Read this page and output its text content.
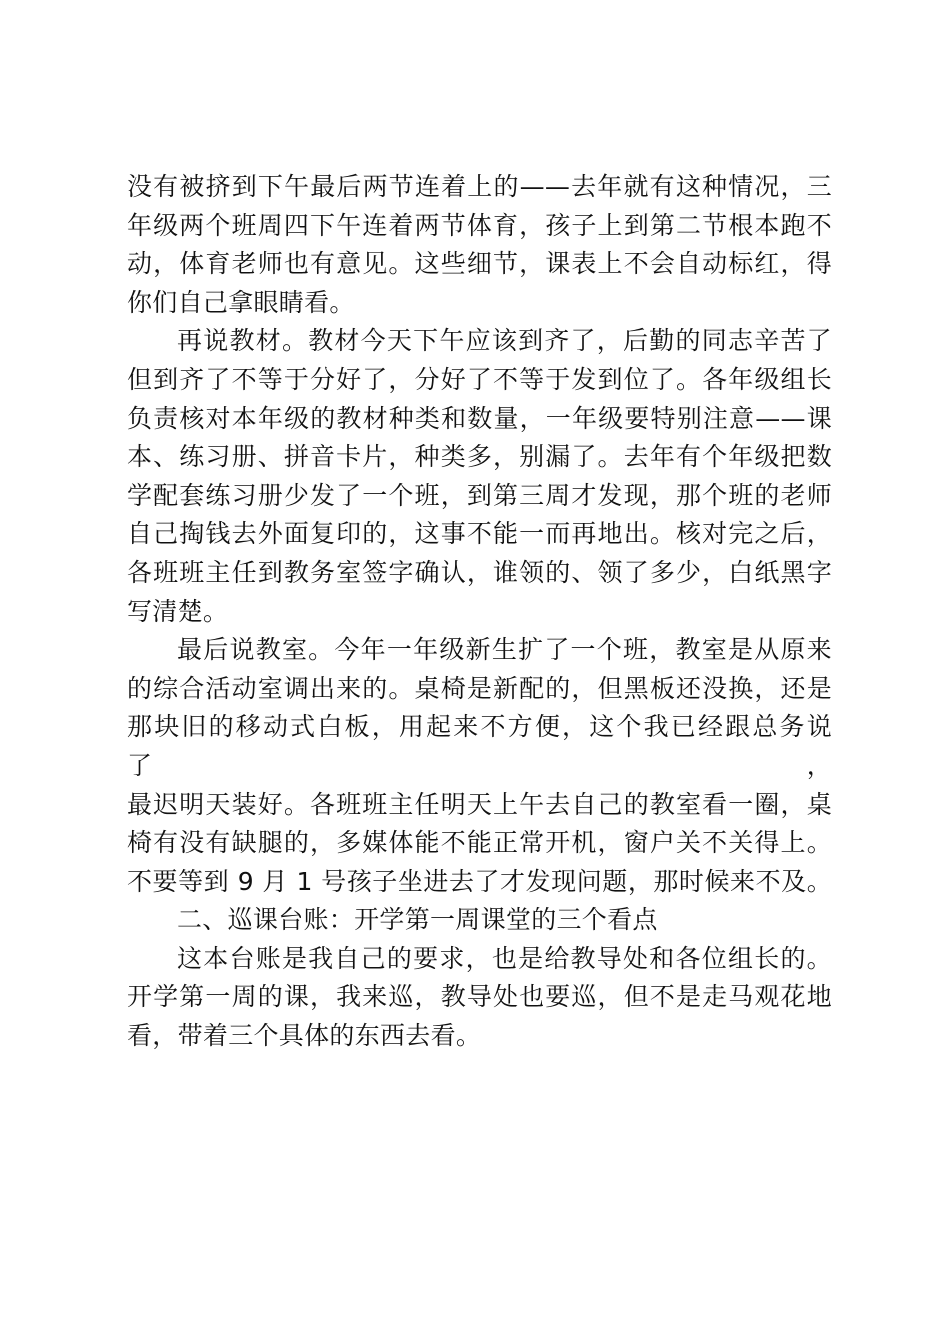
没有被挤到下午最后两节连着上的——去年就有这种情况，三
年级两个班周四下午连着两节体育，孩子上到第二节根本跑不
动，体育老师也有意见。这些细节，课表上不会自动标红，得
你们自己拿眼睛看。
再说教材。教材今天下午应该到齐了，后勤的同志辛苦了
但到齐了不等于分好了，分好了不等于发到位了。各年级组长
负责核对本年级的教材种类和数量，一年级要特别注意——课
本、练习册、拼音卡片，种类多，别漏了。去年有个年级把数
学配套练习册少发了一个班，到第三周才发现，那个班的老师
自己掏钱去外面复印的，这事不能一而再地出。核对完之后，
各班班主任到教务室签字确认，谁领的、领了多少，白纸黑字
写清楚。
最后说教室。今年一年级新生扩了一个班，教室是从原来
的综合活动室调出来的。桌椅是新配的，但黑板还没换，还是
那块旧的移动式白板，用起来不方便，这个我已经跟总务说了，
最迟明天装好。各班班主任明天上午去自己的教室看一圈，桌
椅有没有缺腿的，多媒体能不能正常开机，窗户关不关得上。
不要等到 9 月 1 号孩子坐进去了才发现问题，那时候来不及。
二、巡课台账：开学第一周课堂的三个看点
这本台账是我自己的要求，也是给教导处和各位组长的。
开学第一周的课，我来巡，教导处也要巡，但不是走马观花地
看，带着三个具体的东西去看。
